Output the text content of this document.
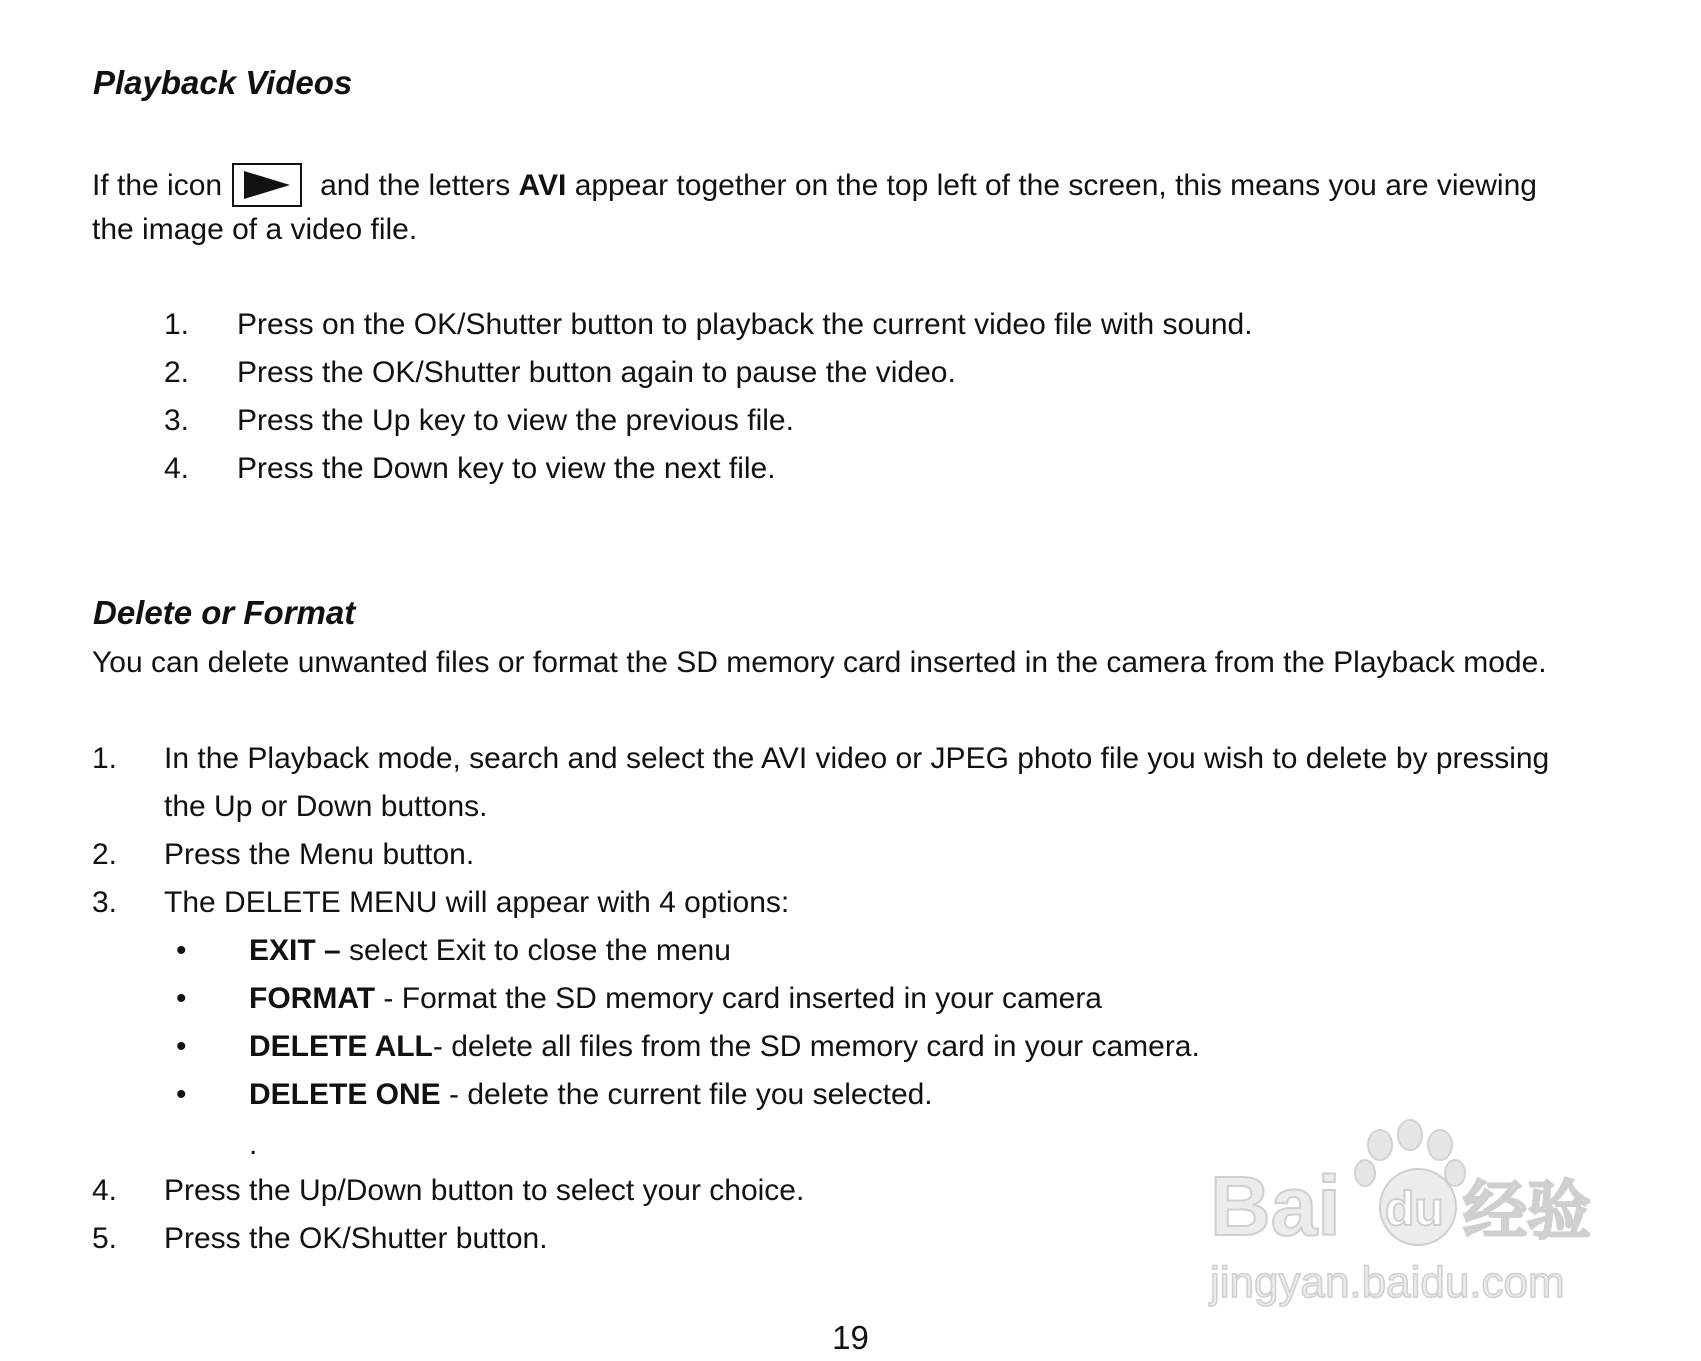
Playback Videos
If the icon	and the letters AVI appear together on the top left of the screen, this means you are viewing
the image of a video file.
1. Press on the OK/Shutter button to playback the current video file with sound.
2. Press the OK/Shutter button again to pause the video.
3. Press the Up key to view the previous file.
4. Press the Down key to view the next file.
Delete or Format
You can delete unwanted files or format the SD memory card inserted in the camera from the Playback mode.
1. In the Playback mode, search and select the AVI video or JPEG photo file you wish to delete by pressing
the Up or Down buttons.
2. Press the Menu button.
3. The DELETE MENU will appear with 4 options:
• EXIT – select Exit to close the menu
• FORMAT - Format the SD memory card inserted in your camera
• DELETE ALL- delete all files from the SD memory card in your camera.
• DELETE ONE - delete the current file you selected.
.
4. Press the Up/Down button to select your choice.
5. Press the OK/Shutter button.	Bai du 经验
jingyan.baidu.com
19
